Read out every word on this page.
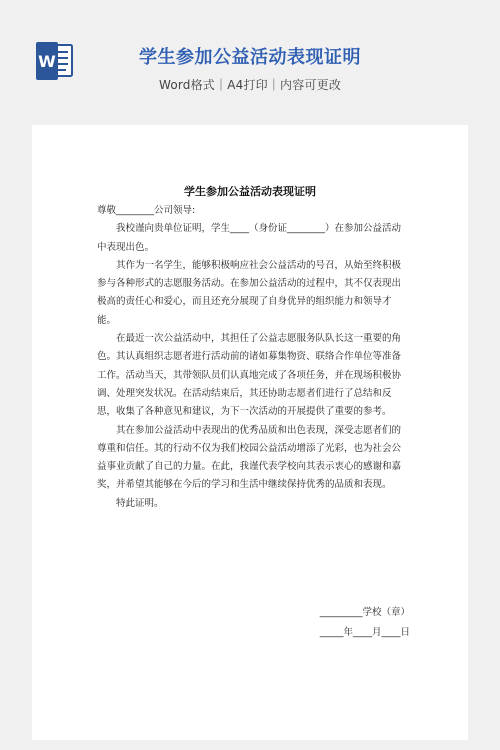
W	学生参加公益活动表现证明
Word格式｜A4打印｜内容可更改
学生参加公益活动表现证明

尊敬________公司领导:

我校谨向贵单位证明，学生____（身份证________）在参加公益活动中表现出色。

其作为一名学生，能够积极响应社会公益活动的号召，从始至终积极参与各种形式的志愿服务活动。在参加公益活动的过程中，其不仅表现出极高的责任心和爱心，而且还充分展现了自身优异的组织能力和领导才能。

在最近一次公益活动中，其担任了公益志愿服务队队长这一重要的角色。其认真组织志愿者进行活动前的诸如募集物资、联络合作单位等准备工作。活动当天，其带领队员们认真地完成了各项任务，并在现场积极协调、处理突发状况。在活动结束后，其还协助志愿者们进行了总结和反思，收集了各种意见和建议，为下一次活动的开展提供了重要的参考。

其在参加公益活动中表现出的优秀品质和出色表现，深受志愿者们的尊重和信任。其的行动不仅为我们校园公益活动增添了光彩，也为社会公益事业贡献了自己的力量。在此，我谨代表学校向其表示衷心的感谢和嘉奖，并希望其能够在今后的学习和生活中继续保持优秀的品质和表现。

特此证明。

_________学校（章）
_____年____月____日
